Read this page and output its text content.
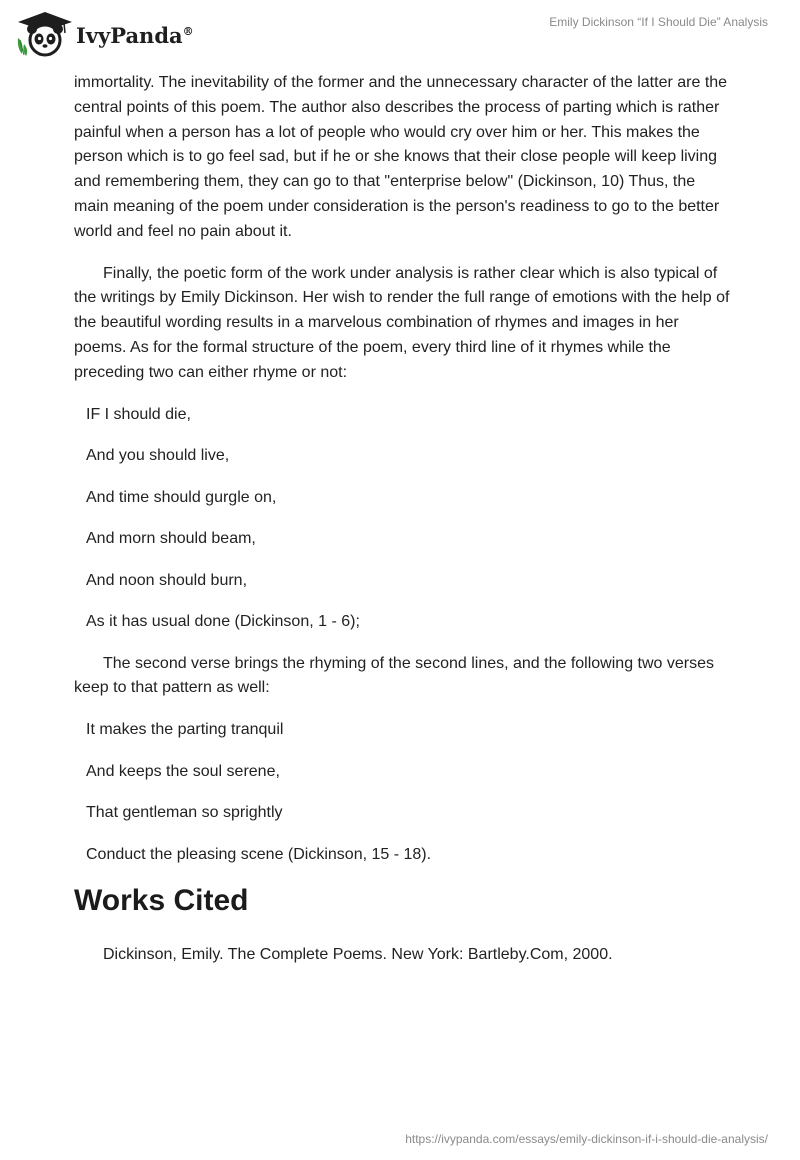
IvyPanda®
Emily Dickinson “If I Should Die” Analysis

immortality. The inevitability of the former and the unnecessary character of the latter are the central points of this poem. The author also describes the process of parting which is rather painful when a person has a lot of people who would cry over him or her. This makes the person which is to go feel sad, but if he or she knows that their close people will keep living and remembering them, they can go to that "enterprise below" (Dickinson, 10) Thus, the main meaning of the poem under consideration is the person's readiness to go to the better world and feel no pain about it.

Finally, the poetic form of the work under analysis is rather clear which is also typical of the writings by Emily Dickinson. Her wish to render the full range of emotions with the help of the beautiful wording results in a marvelous combination of rhymes and images in her poems. As for the formal structure of the poem, every third line of it rhymes while the preceding two can either rhyme or not:

IF I should die,

And you should live,

And time should gurgle on,

And morn should beam,

And noon should burn,

As it has usual done (Dickinson, 1 - 6);

The second verse brings the rhyming of the second lines, and the following two verses keep to that pattern as well:

It makes the parting tranquil

And keeps the soul serene,

That gentleman so sprightly

Conduct the pleasing scene (Dickinson, 15 - 18).

Works Cited

Dickinson, Emily. The Complete Poems. New York: Bartleby.Com, 2000.

https://ivypanda.com/essays/emily-dickinson-if-i-should-die-analysis/
